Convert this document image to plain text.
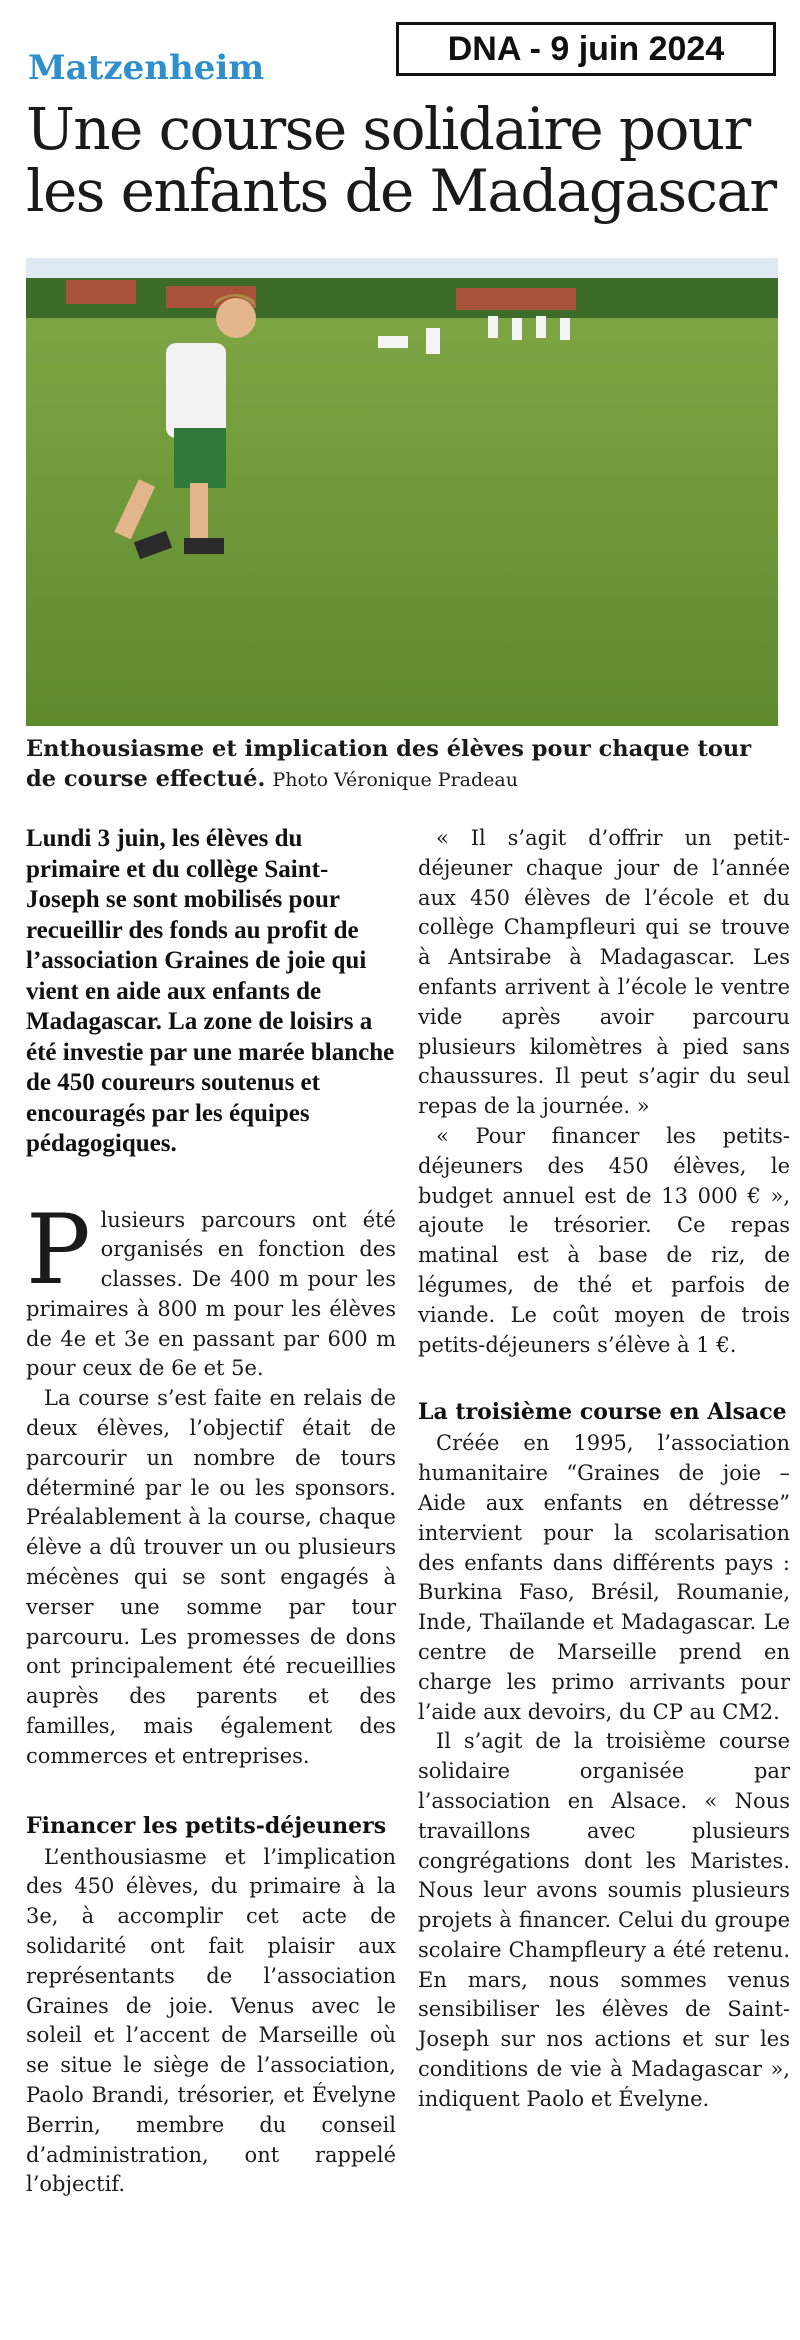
DNA - 9 juin 2024
Matzenheim
Une course solidaire pour les enfants de Madagascar
Enthousiasme et implication des élèves pour chaque tour de course effectué. Photo Véronique Pradeau

Lundi 3 juin, les élèves du primaire et du collège Saint-Joseph se sont mobilisés pour recueillir des fonds au profit de l’association Graines de joie qui vient en aide aux enfants de Madagascar. La zone de loisirs a été investie par une marée blanche de 450 coureurs soutenus et encouragés par les équipes pédagogiques.

Plusieurs parcours ont été organisés en fonction des classes. De 400 m pour les primaires à 800 m pour les élèves de 4e et 3e en passant par 600 m pour ceux de 6e et 5e.

La course s’est faite en relais de deux élèves, l’objectif était de parcourir un nombre de tours déterminé par le ou les sponsors. Préalablement à la course, chaque élève a dû trouver un ou plusieurs mécènes qui se sont engagés à verser une somme par tour parcouru. Les promesses de dons ont principalement été recueillies auprès des parents et des familles, mais également des commerces et entreprises.

Financer les petits-déjeuners

L’enthousiasme et l’implication des 450 élèves, du primaire à la 3e, à accomplir cet acte de solidarité ont fait plaisir aux représentants de l’association Graines de joie. Venus avec le soleil et l’accent de Marseille où se situe le siège de l’association, Paolo Brandi, trésorier, et Évelyne Berrin, membre du conseil d’administration, ont rappelé l’objectif.

« Il s’agit d’offrir un petit-déjeuner chaque jour de l’année aux 450 élèves de l’école et du collège Champfleuri qui se trouve à Antsirabe à Madagascar. Les enfants arrivent à l’école le ventre vide après avoir parcouru plusieurs kilomètres à pied sans chaussures. Il peut s’agir du seul repas de la journée. »

« Pour financer les petits-déjeuners des 450 élèves, le budget annuel est de 13 000 € », ajoute le trésorier. Ce repas matinal est à base de riz, de légumes, de thé et parfois de viande. Le coût moyen de trois petits-déjeuners s’élève à 1 €.

La troisième course en Alsace

Créée en 1995, l’association humanitaire “Graines de joie – Aide aux enfants en détresse” intervient pour la scolarisation des enfants dans différents pays : Burkina Faso, Brésil, Roumanie, Inde, Thaïlande et Madagascar. Le centre de Marseille prend en charge les primo arrivants pour l’aide aux devoirs, du CP au CM2.

Il s’agit de la troisième course solidaire organisée par l’association en Alsace. « Nous travaillons avec plusieurs congrégations dont les Maristes. Nous leur avons soumis plusieurs projets à financer. Celui du groupe scolaire Champfleury a été retenu. En mars, nous sommes venus sensibiliser les élèves de Saint-Joseph sur nos actions et sur les conditions de vie à Madagascar », indiquent Paolo et Évelyne.
